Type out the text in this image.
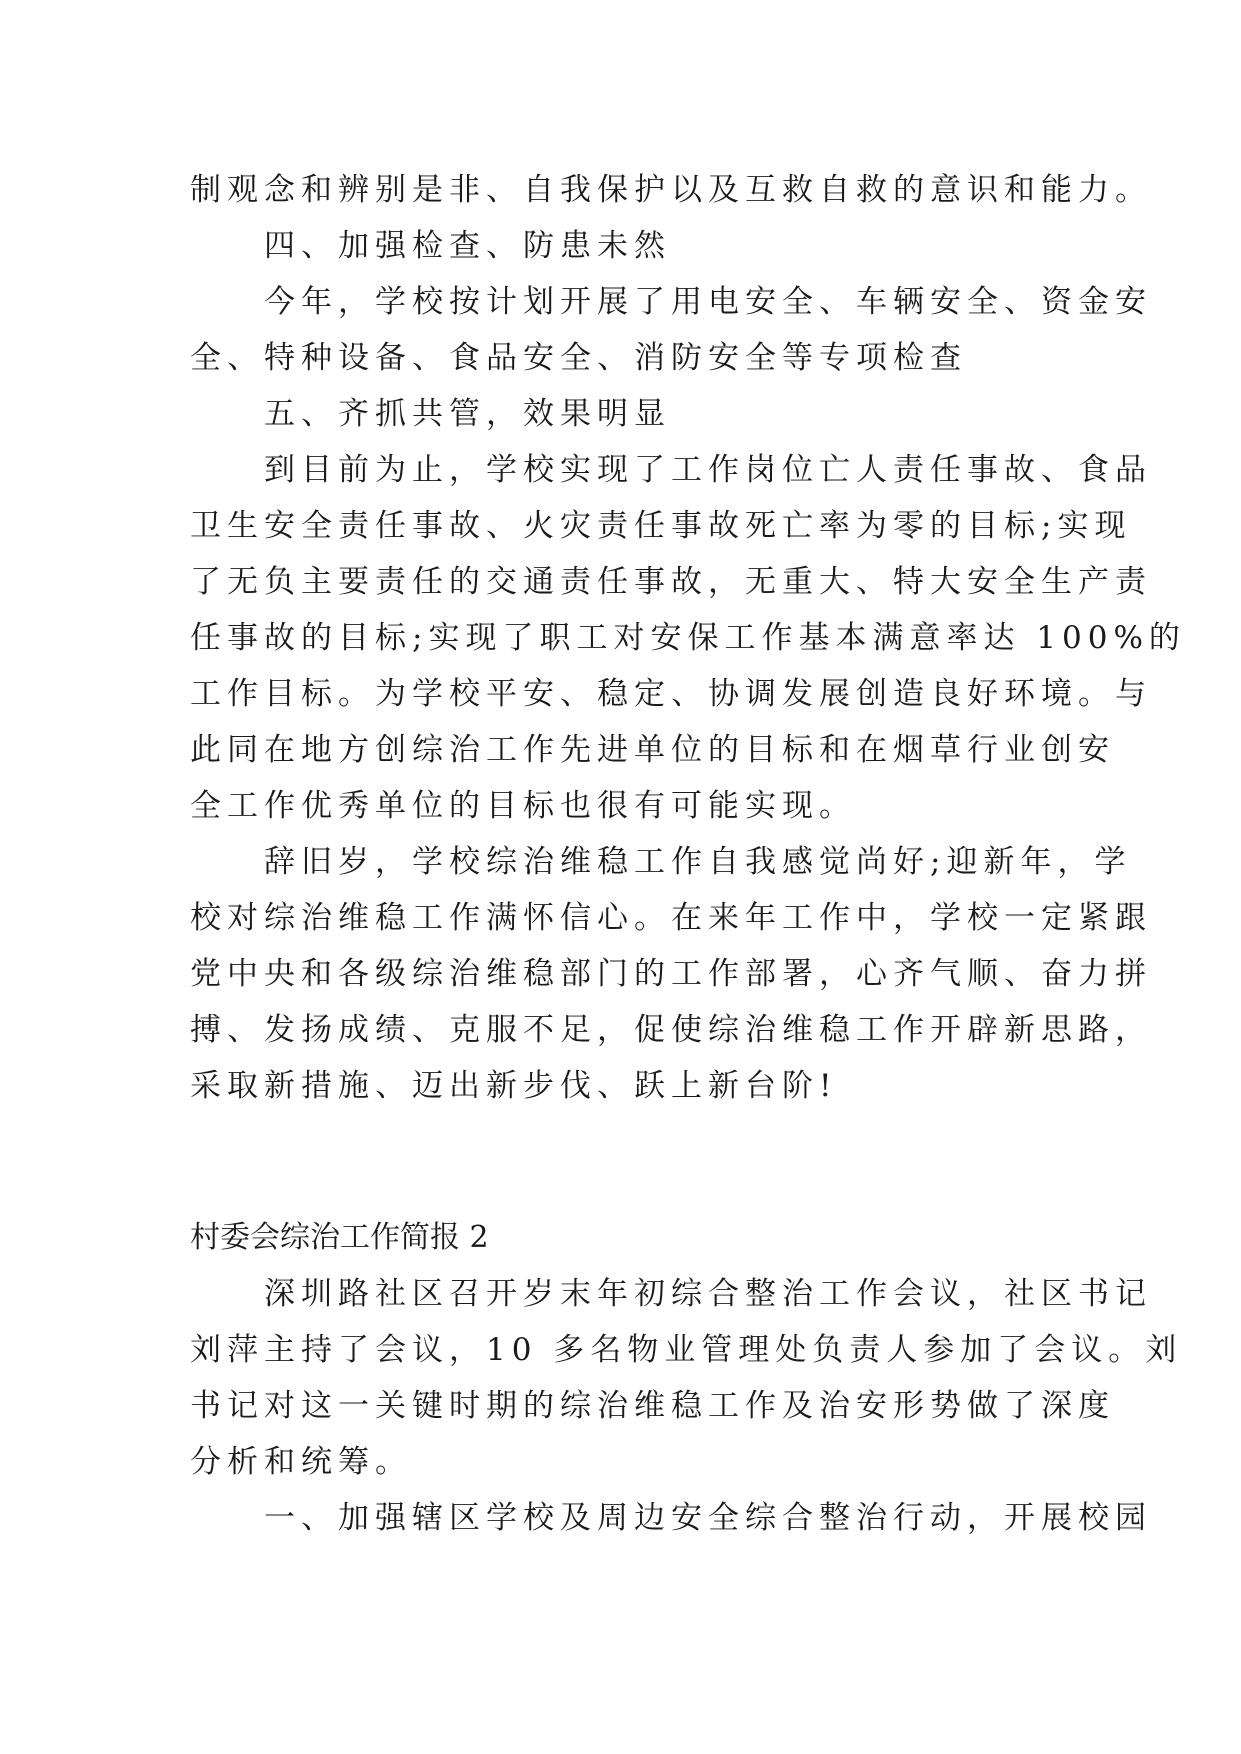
制观念和辨别是非、自我保护以及互救自救的意识和能力。
　　四、加强检查、防患未然
　　今年，学校按计划开展了用电安全、车辆安全、资金安
全、特种设备、食品安全、消防安全等专项检查
　　五、齐抓共管，效果明显
　　到目前为止，学校实现了工作岗位亡人责任事故、食品
卫生安全责任事故、火灾责任事故死亡率为零的目标;实现
了无负主要责任的交通责任事故，无重大、特大安全生产责
任事故的目标;实现了职工对安保工作基本满意率达 100%的
工作目标。为学校平安、稳定、协调发展创造良好环境。与
此同在地方创综治工作先进单位的目标和在烟草行业创安
全工作优秀单位的目标也很有可能实现。
　　辞旧岁，学校综治维稳工作自我感觉尚好;迎新年，学
校对综治维稳工作满怀信心。在来年工作中，学校一定紧跟
党中央和各级综治维稳部门的工作部署，心齐气顺、奋力拼
搏、发扬成绩、克服不足，促使综治维稳工作开辟新思路，
采取新措施、迈出新步伐、跃上新台阶!
村委会综治工作简报 2
　　深圳路社区召开岁末年初综合整治工作会议，社区书记
刘萍主持了会议，10 多名物业管理处负责人参加了会议。刘
书记对这一关键时期的综治维稳工作及治安形势做了深度
分析和统筹。
　　一、加强辖区学校及周边安全综合整治行动，开展校园
